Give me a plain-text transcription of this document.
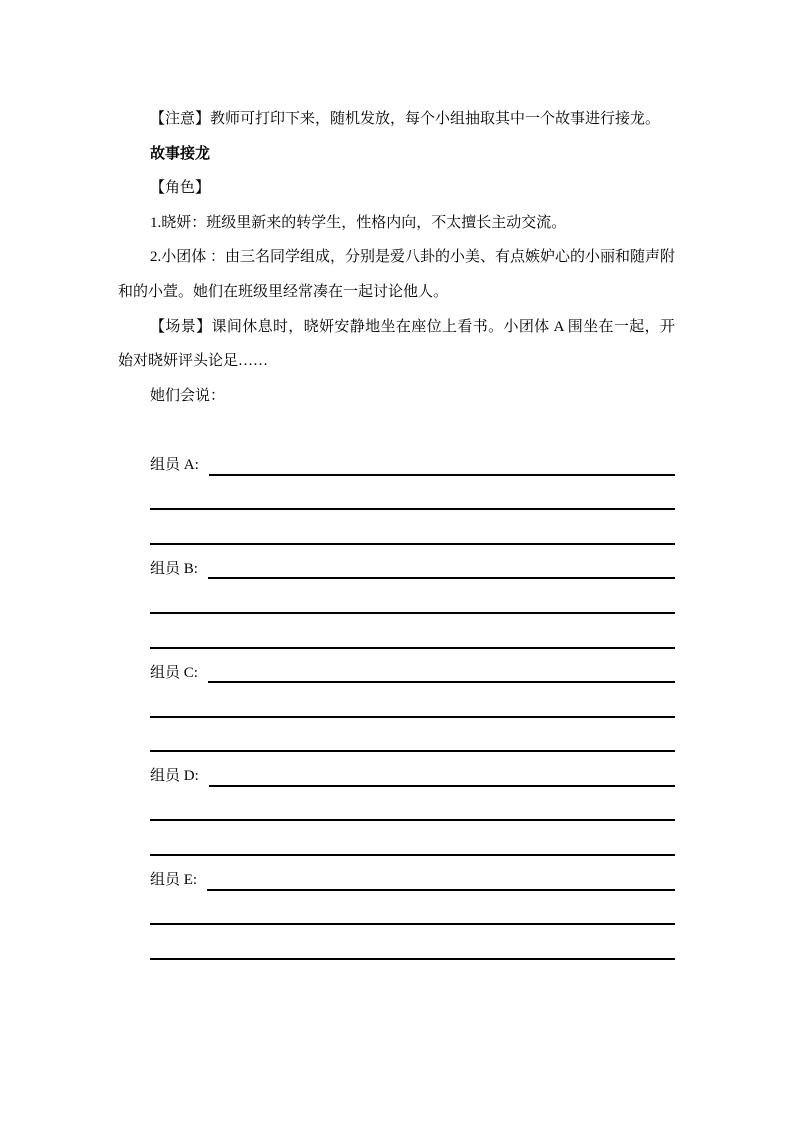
【注意】教师可打印下来，随机发放，每个小组抽取其中一个故事进行接龙。

故事接龙

【角色】

1.晓妍：班级里新来的转学生，性格内向，不太擅长主动交流。

2.小团体 ：由三名同学组成，分别是爱八卦的小美、有点嫉妒心的小丽和随声附和的小萱。她们在班级里经常凑在一起讨论他人。

【场景】课间休息时，晓妍安静地坐在座位上看书。小团体 A 围坐在一起，开始对晓妍评头论足……

她们会说：

组员 A:
组员 B:
组员 C:
组员 D:
组员 E:
